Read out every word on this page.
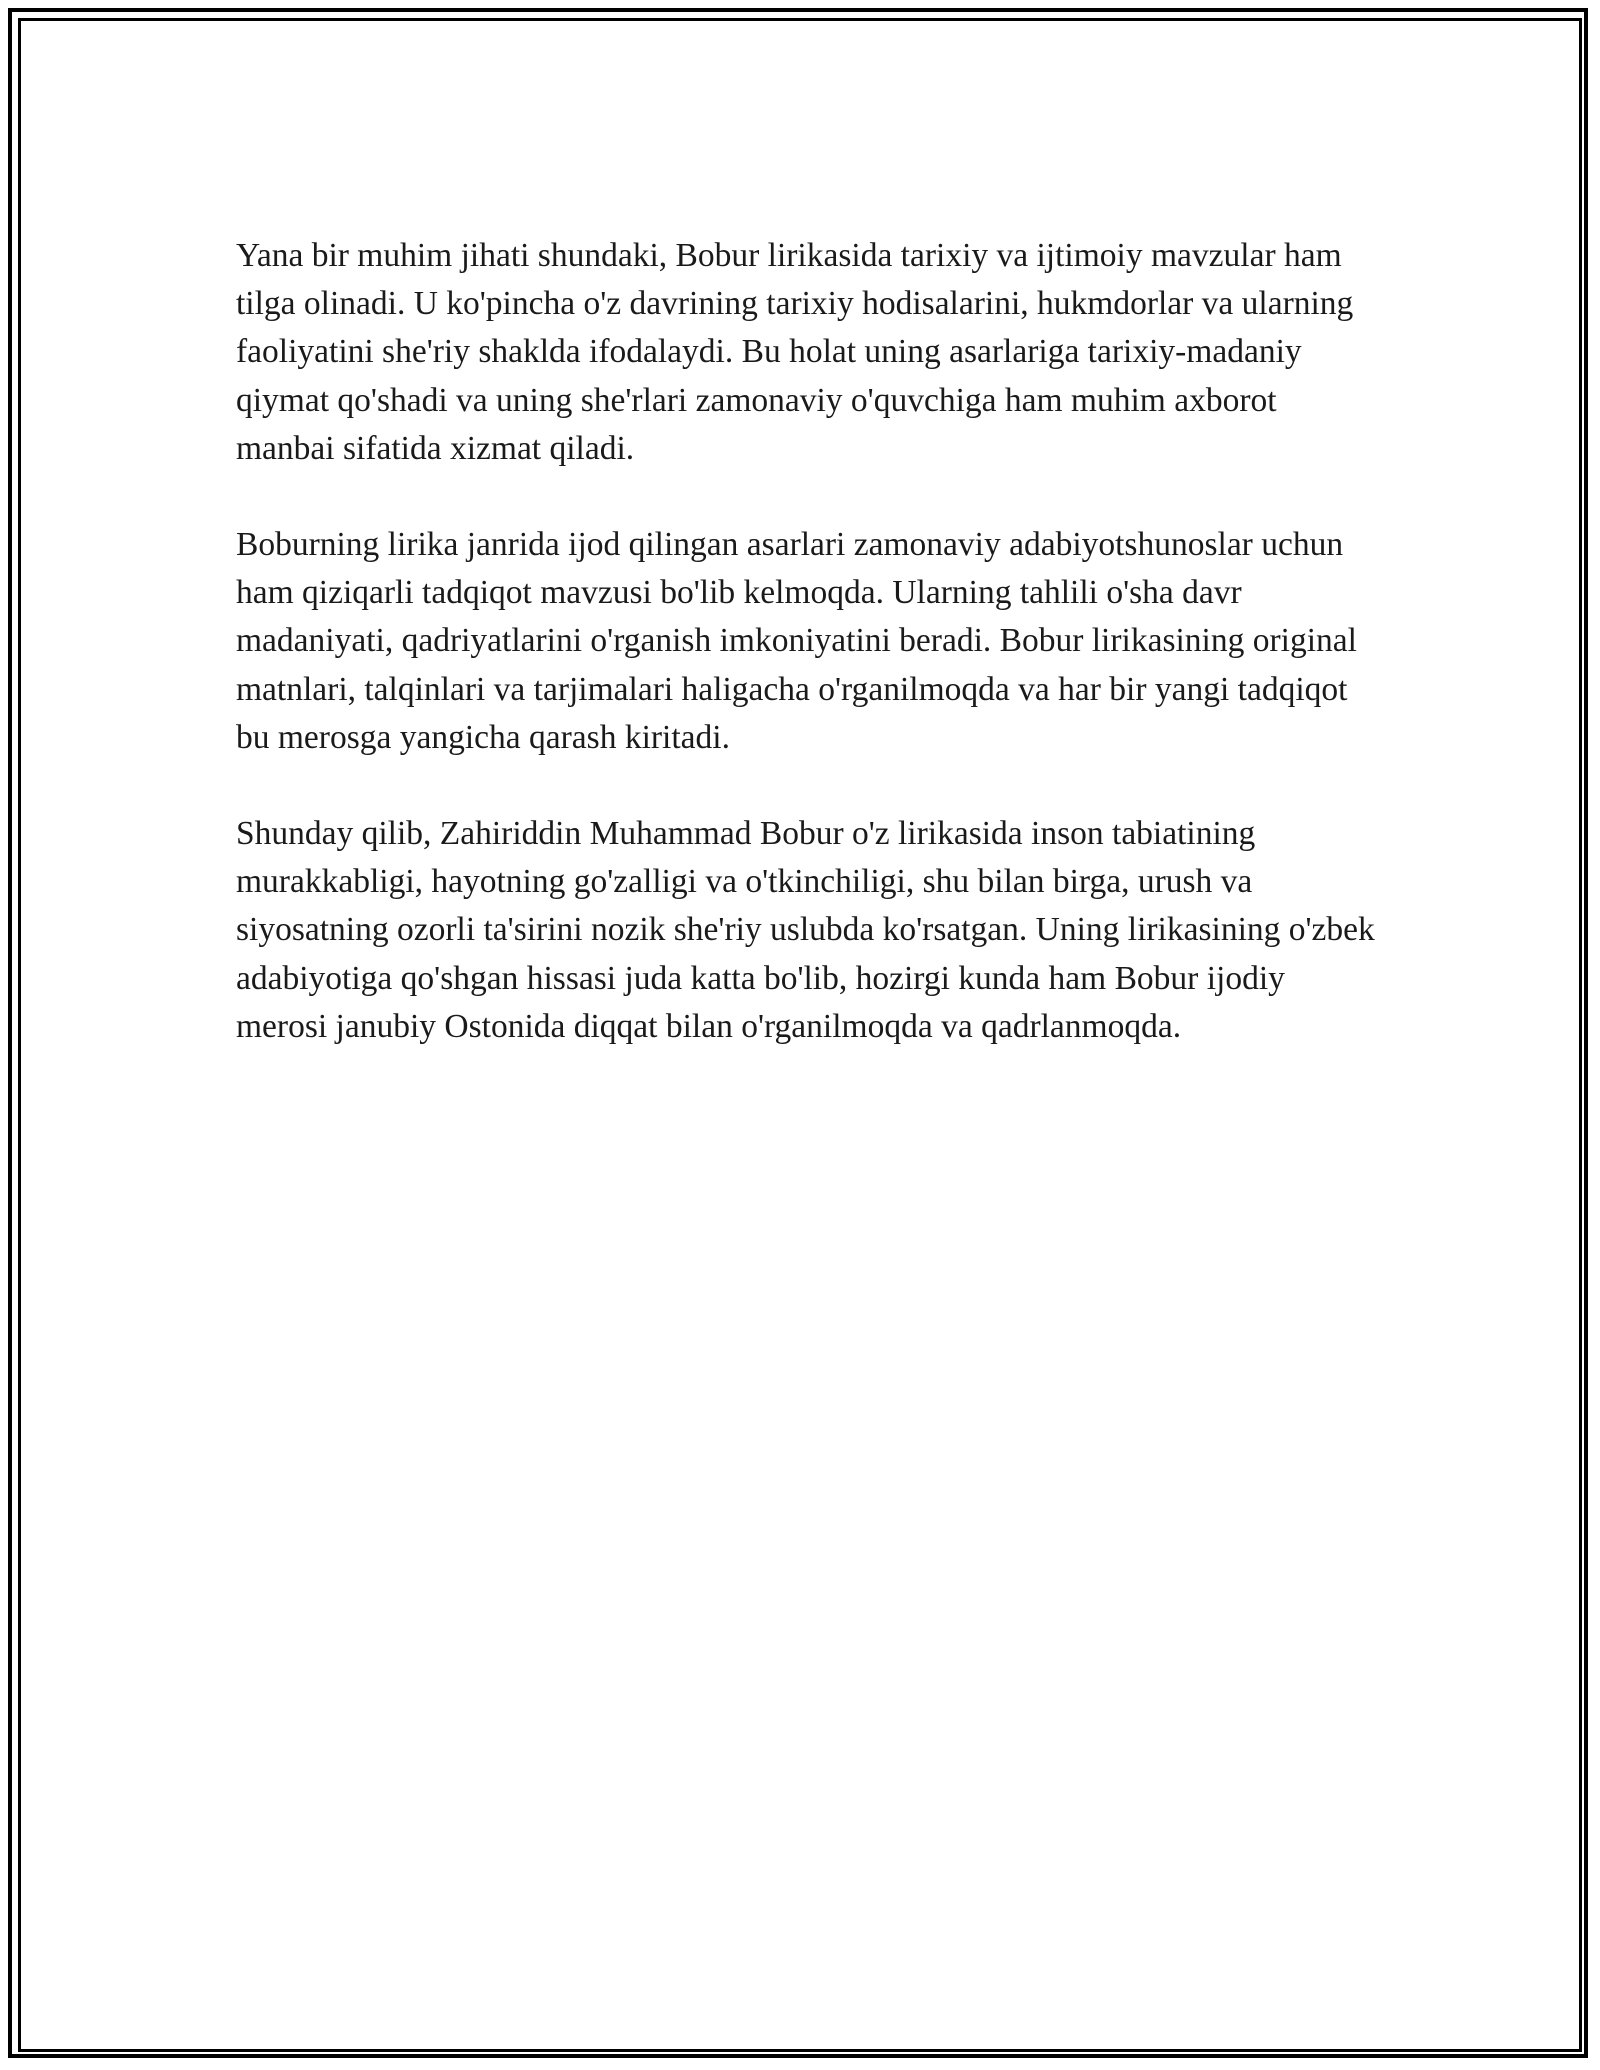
Yana bir muhim jihati shundaki, Bobur lirikasida tarixiy va ijtimoiy mavzular ham tilga olinadi. U ko'pincha o'z davrining tarixiy hodisalarini, hukmdorlar va ularning faoliyatini she'riy shaklda ifodalaydi. Bu holat uning asarlariga tarixiy-madaniy qiymat qo'shadi va uning she'rlari zamonaviy o'quvchiga ham muhim axborot manbai sifatida xizmat qiladi.

Boburning lirika janrida ijod qilingan asarlari zamonaviy adabiyotshunoslar uchun ham qiziqarli tadqiqot mavzusi bo'lib kelmoqda. Ularning tahlili o'sha davr madaniyati, qadriyatlarini o'rganish imkoniyatini beradi. Bobur lirikasining original matnlari, talqinlari va tarjimalari haligacha o'rganilmoqda va har bir yangi tadqiqot bu merosga yangicha qarash kiritadi.

Shunday qilib, Zahiriddin Muhammad Bobur o'z lirikasida inson tabiatining murakkabligi, hayotning go'zalligi va o'tkinchiligi, shu bilan birga, urush va siyosatning ozorli ta'sirini nozik she'riy uslubda ko'rsatgan. Uning lirikasining o'zbek adabiyotiga qo'shgan hissasi juda katta bo'lib, hozirgi kunda ham Bobur ijodiy merosi janubiy Ostonida diqqat bilan o'rganilmoqda va qadrlanmoqda.
